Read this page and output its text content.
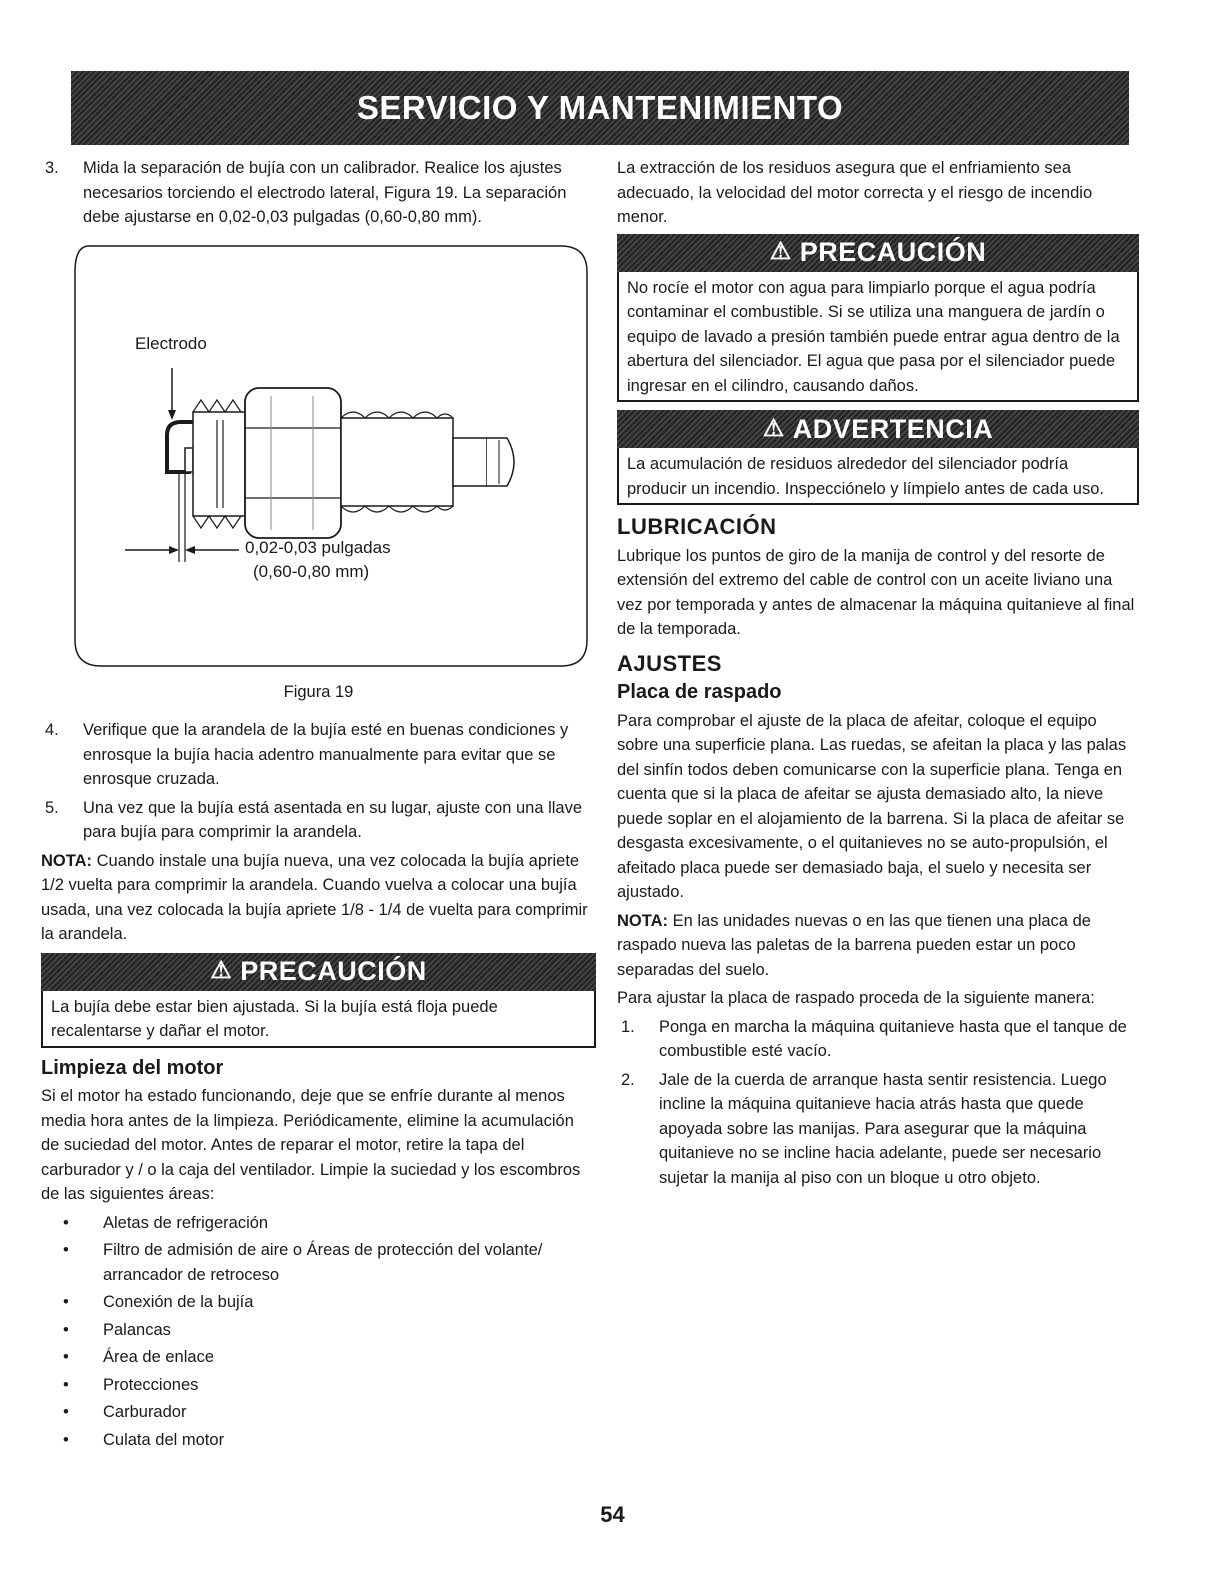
SERVICIO Y MANTENIMIENTO
3.	Mida la separación de bujía con un calibrador. Realice los ajustes necesarios torciendo el electrodo lateral, Figura 19. La separación debe ajustarse en 0,02-0,03 pulgadas (0,60-0,80 mm).
Electrodo
0,02-0,03 pulgadas
(0,60-0,80 mm)
Figura 19
4.	Verifique que la arandela de la bujía esté en buenas condiciones y enrosque la bujía hacia adentro manualmente para evitar que se enrosque cruzada.
5.	Una vez que la bujía está asentada en su lugar, ajuste con una llave para bujía para comprimir la arandela.

NOTA: Cuando instale una bujía nueva, una vez colocada la bujía apriete 1/2 vuelta para comprimir la arandela. Cuando vuelva a colocar una bujía usada, una vez colocada la bujía apriete 1/8 - 1/4 de vuelta para comprimir la arandela.

⚠ PRECAUCIÓN
La bujía debe estar bien ajustada. Si la bujía está floja puede recalentarse y dañar el motor.
Limpieza del motor

Si el motor ha estado funcionando, deje que se enfríe durante al menos media hora antes de la limpieza. Periódicamente, elimine la acumulación de suciedad del motor. Antes de reparar el motor, retire la tapa del carburador y / o la caja del ventilador. Limpie la suciedad y los escombros de las siguientes áreas:

•	Aletas de refrigeración
•	Filtro de admisión de aire o Áreas de protección del volante/ arrancador de retroceso
•	Conexión de la bujía
•	Palancas
•	Área de enlace
•	Protecciones
•	Carburador
•	Culata del motor

La extracción de los residuos asegura que el enfriamiento sea adecuado, la velocidad del motor correcta y el riesgo de incendio menor.

⚠ PRECAUCIÓN
No rocíe el motor con agua para limpiarlo porque el agua podría contaminar el combustible. Si se utiliza una manguera de jardín o equipo de lavado a presión también puede entrar agua dentro de la abertura del silenciador. El agua que pasa por el silenciador puede ingresar en el cilindro, causando daños.
⚠ ADVERTENCIA
La acumulación de residuos alrededor del silenciador podría producir un incendio. Inspecciónelo y límpielo antes de cada uso.
LUBRICACIÓN

Lubrique los puntos de giro de la manija de control y del resorte de extensión del extremo del cable de control con un aceite liviano una vez por temporada y antes de almacenar la máquina quitanieve al final de la temporada.

AJUSTES
Placa de raspado

Para comprobar el ajuste de la placa de afeitar, coloque el equipo sobre una superficie plana. Las ruedas, se afeitan la placa y las palas del sinfín todos deben comunicarse con la superficie plana. Tenga en cuenta que si la placa de afeitar se ajusta demasiado alto, la nieve puede soplar en el alojamiento de la barrena. Si la placa de afeitar se desgasta excesivamente, o el quitanieves no se auto-propulsión, el afeitado placa puede ser demasiado baja, el suelo y necesita ser ajustado.

NOTA: En las unidades nuevas o en las que tienen una placa de raspado nueva las paletas de la barrena pueden estar un poco separadas del suelo.

Para ajustar la placa de raspado proceda de la siguiente manera:

1.	Ponga en marcha la máquina quitanieve hasta que el tanque de combustible esté vacío.
2.	Jale de la cuerda de arranque hasta sentir resistencia. Luego incline la máquina quitanieve hacia atrás hasta que quede apoyada sobre las manijas. Para asegurar que la máquina quitanieve no se incline hacia adelante, puede ser necesario sujetar la manija al piso con un bloque u otro objeto.
54
